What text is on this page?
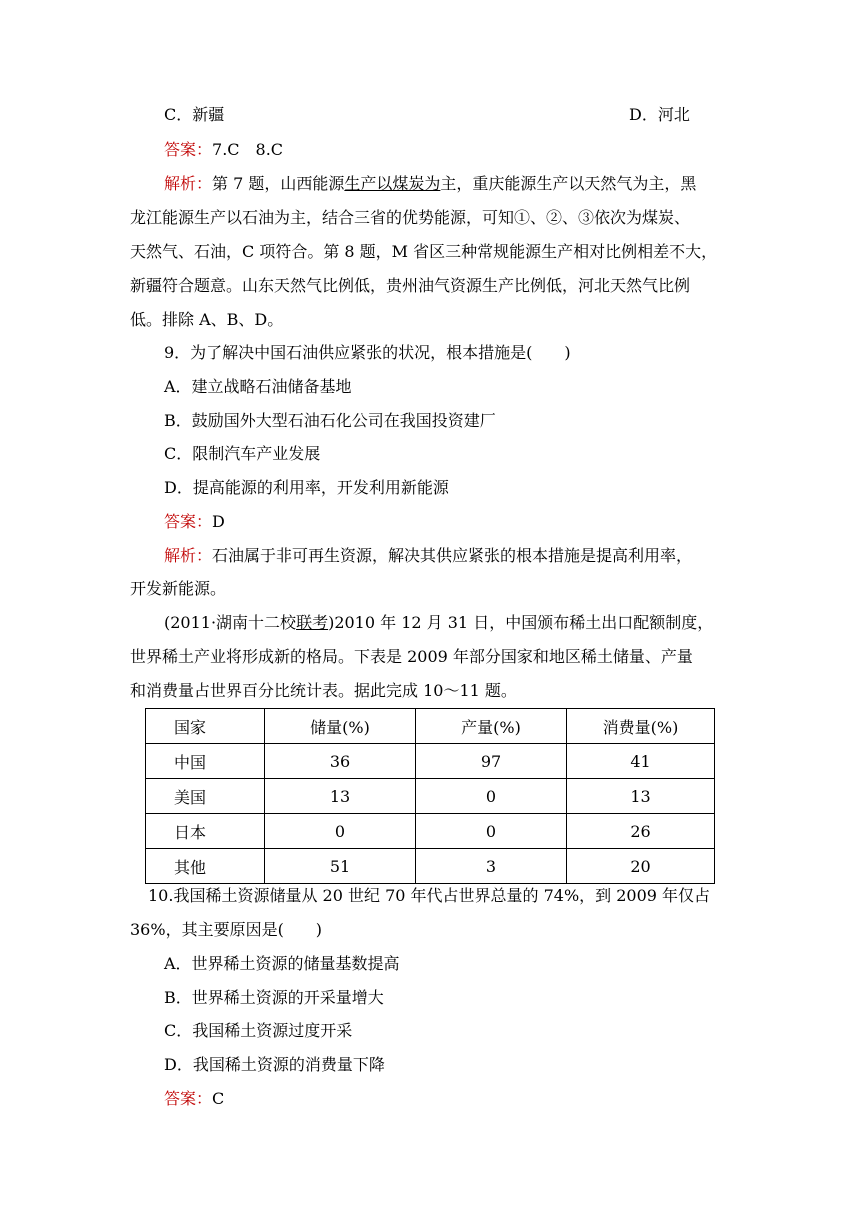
C．新疆	D．河北
答案：7.C　8.C
解析：第 7 题，山西能源生产以煤炭为主，重庆能源生产以天然气为主，黑
龙江能源生产以石油为主，结合三省的优势能源，可知①、②、③依次为煤炭、
天然气、石油，C 项符合。第 8 题，M 省区三种常规能源生产相对比例相差不大，
新疆符合题意。山东天然气比例低，贵州油气资源生产比例低，河北天然气比例
低。排除 A、B、D。
9．为了解决中国石油供应紧张的状况，根本措施是(　　)
A．建立战略石油储备基地
B．鼓励国外大型石油石化公司在我国投资建厂
C．限制汽车产业发展
D．提高能源的利用率，开发利用新能源
答案：D
解析：石油属于非可再生资源，解决其供应紧张的根本措施是提高利用率，
开发新能源。
(2011·湖南十二校联考)2010 年 12 月 31 日，中国颁布稀土出口配额制度，
世界稀土产业将形成新的格局。下表是 2009 年部分国家和地区稀土储量、产量
和消费量占世界百分比统计表。据此完成 10～11 题。
国家	储量(%)	产量(%)	消费量(%)
中国	36	97	41
美国	13	0	13
日本	0	0	26
其他	51	3	20
10.我国稀土资源储量从 20 世纪 70 年代占世界总量的 74%，到 2009 年仅占
36%，其主要原因是(　　)
A．世界稀土资源的储量基数提高
B．世界稀土资源的开采量增大
C．我国稀土资源过度开采
D．我国稀土资源的消费量下降
答案：C
